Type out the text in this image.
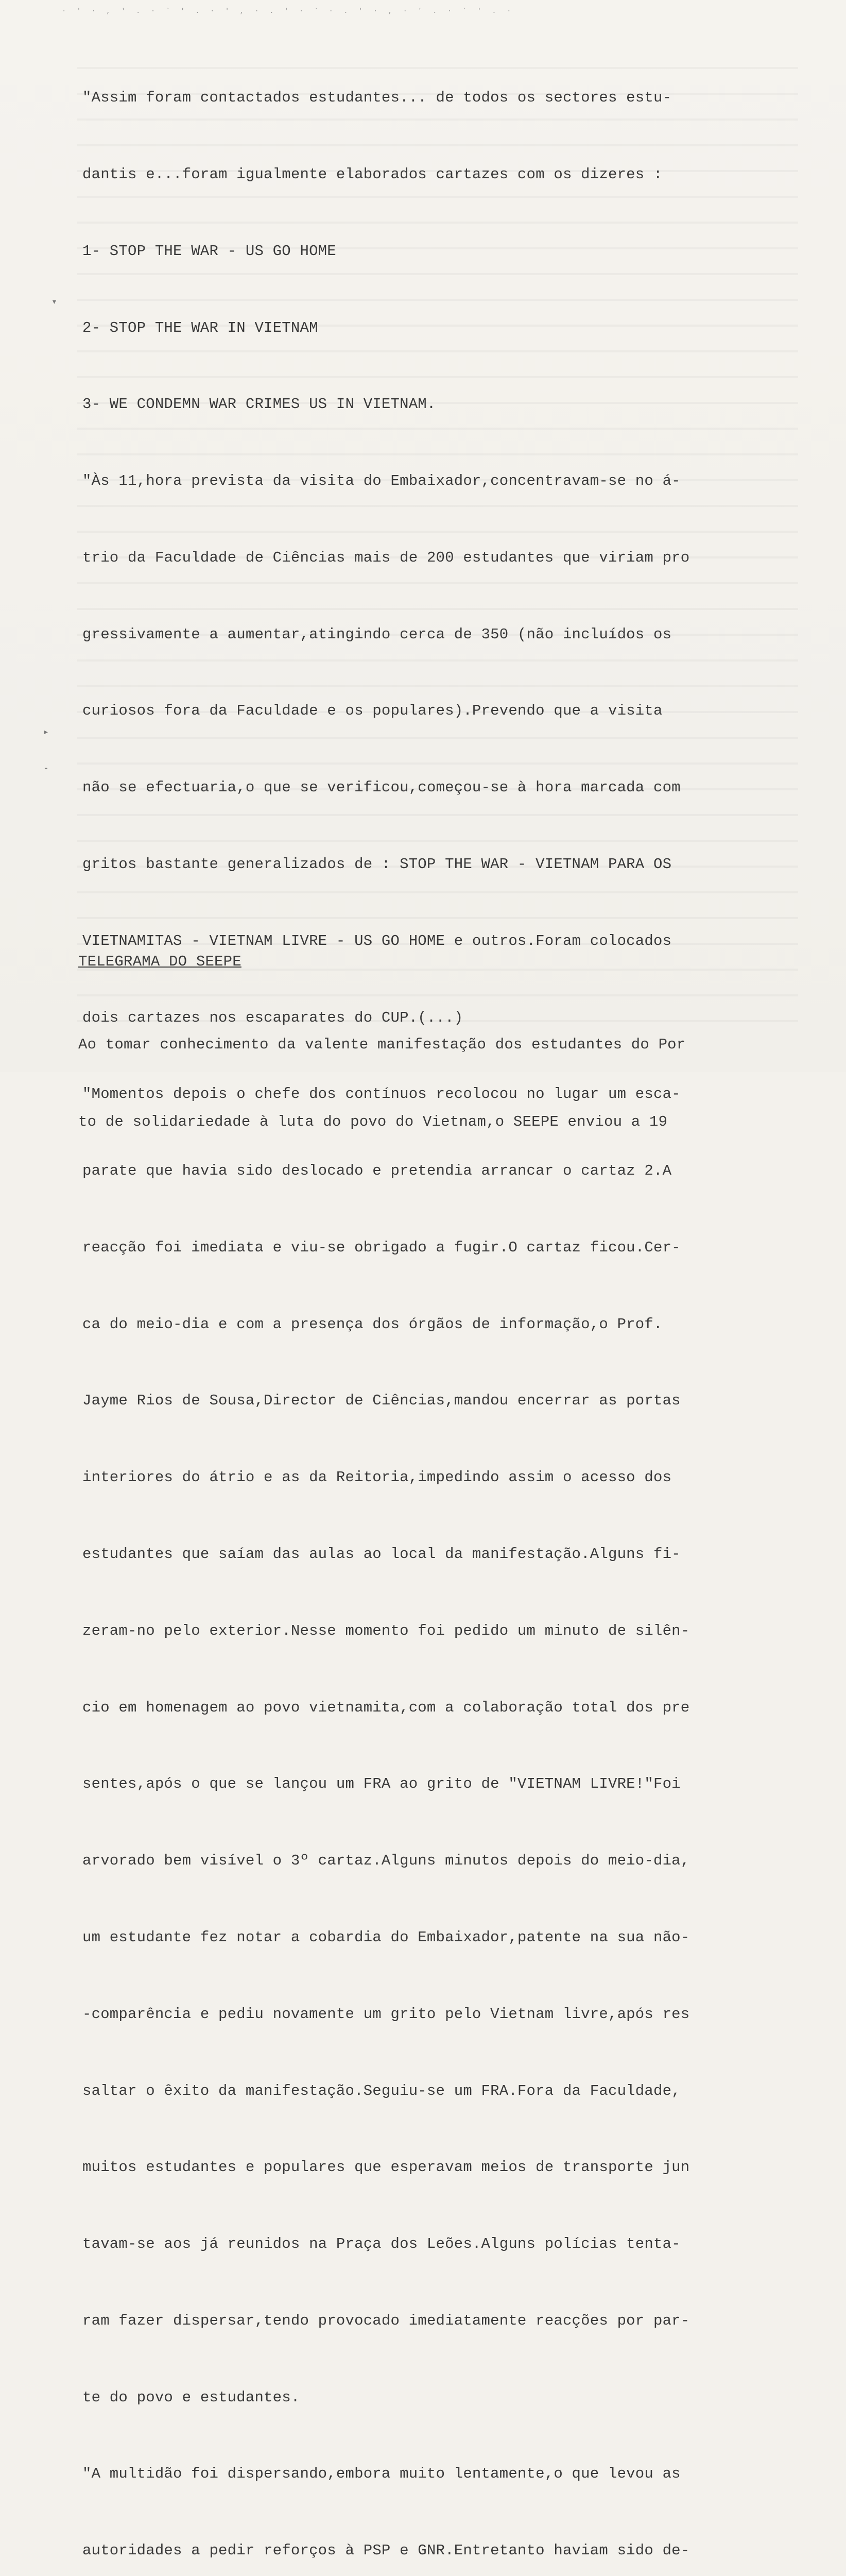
· ' · , ' . · ` ' . · ' , · . ' · ` · . ' · , · ' . · ` ' . ·

"Assim foram contactados estudantes... de todos os sectores estu-

dantis e...foram igualmente elaborados cartazes com os dizeres :

1- STOP THE WAR - US GO HOME

2- STOP THE WAR IN VIETNAM

3- WE CONDEMN WAR CRIMES US IN VIETNAM.

"Às 11,hora prevista da visita do Embaixador,concentravam-se no á-

trio da Faculdade de Ciências mais de 200 estudantes que viriam pro

gressivamente a aumentar,atingindo cerca de 350 (não incluídos os

curiosos fora da Faculdade e os populares).Prevendo que a visita

não se efectuaria,o que se verificou,começou-se à hora marcada com

gritos bastante generalizados de : STOP THE WAR - VIETNAM PARA OS

VIETNAMITAS - VIETNAM LIVRE - US GO HOME e outros.Foram colocados

dois cartazes nos escaparates do CUP.(...)

"Momentos depois o chefe dos contínuos recolocou no lugar um esca-

parate que havia sido deslocado e pretendia arrancar o cartaz 2.A

reacção foi imediata e viu-se obrigado a fugir.O cartaz ficou.Cer-

ca do meio-dia e com a presença dos órgãos de informação,o Prof.

Jayme Rios de Sousa,Director de Ciências,mandou encerrar as portas

interiores do átrio e as da Reitoria,impedindo assim o acesso dos

estudantes que saíam das aulas ao local da manifestação.Alguns fi-

zeram-no pelo exterior.Nesse momento foi pedido um minuto de silên-

cio em homenagem ao povo vietnamita,com a colaboração total dos pre

sentes,após o que se lançou um FRA ao grito de "VIETNAM LIVRE!"Foi

arvorado bem visível o 3º cartaz.Alguns minutos depois do meio-dia,

um estudante fez notar a cobardia do Embaixador,patente na sua não-

-comparência e pediu novamente um grito pelo Vietnam livre,após res

saltar o êxito da manifestação.Seguiu-se um FRA.Fora da Faculdade,

muitos estudantes e populares que esperavam meios de transporte jun

tavam-se aos já reunidos na Praça dos Leões.Alguns polícias tenta-

ram fazer dispersar,tendo provocado imediatamente reacções por par-

te do povo e estudantes.

"A multidão foi dispersando,embora muito lentamente,o que levou as

autoridades a pedir reforços à PSP e GNR.Entretanto haviam sido de-

TELEGRAMA DO SEEPE

Ao tomar conhecimento da valente manifestação dos estudantes do Por

to de solidariedade à luta do povo do Vietnam,o SEEPE enviou a 19

▾
▸
-
